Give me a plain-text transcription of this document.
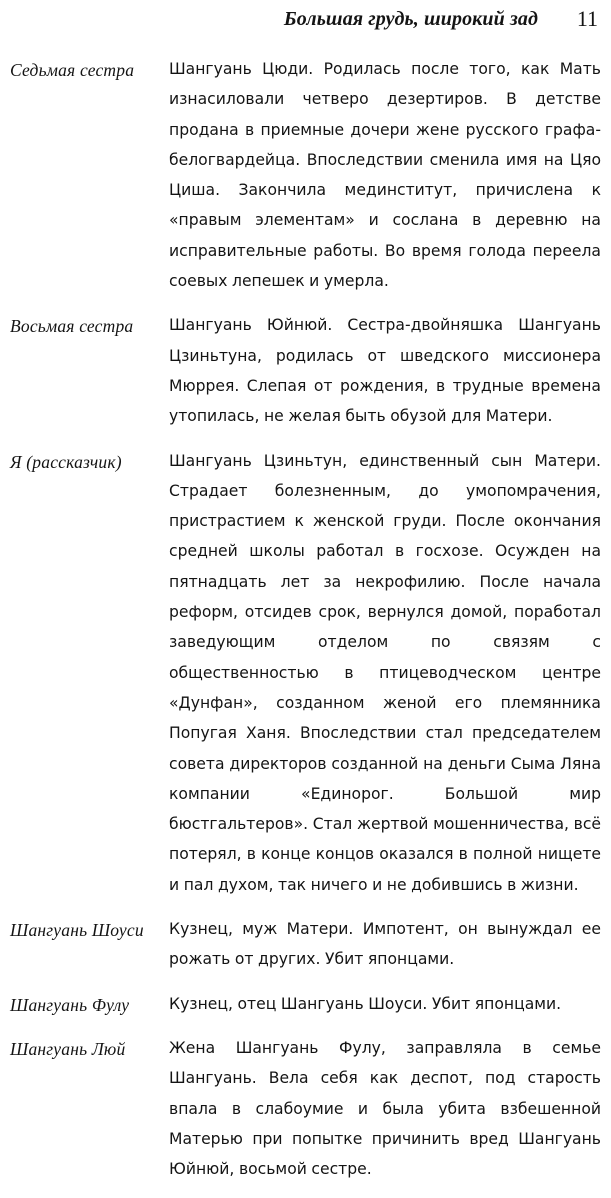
Большая грудь, широкий зад 11
Седьмая сестра	Шангуань Цюди. Родилась после того, как Мать изнасиловали четверо дезертиров. В детстве продана в приемные дочери жене русского графа-белогвардейца. Впоследствии сменила имя на Цяо Циша. Закончила мединститут, причислена к «правым элементам» и сослана в деревню на исправительные работы. Во время голода переела соевых лепешек и умерла.
Восьмая сестра	Шангуань Юйнюй. Сестра-двойняшка Шангуань Цзиньтуна, родилась от шведского миссионера Мюррея. Слепая от рождения, в трудные времена утопилась, не желая быть обузой для Матери.
Я (рассказчик)	Шангуань Цзиньтун, единственный сын Матери. Страдает болезненным, до умопомрачения, пристрастием к женской груди. После окончания средней школы работал в госхозе. Осужден на пятнадцать лет за некрофилию. После начала реформ, отсидев срок, вернулся домой, поработал заведующим отделом по связям с общественностью в птицеводческом центре «Дунфан», созданном женой его племянника Попугая Ханя. Впоследствии стал председателем совета директоров созданной на деньги Сыма Ляна компании «Единорог. Большой мир бюстгальтеров». Стал жертвой мошенничества, всё потерял, в конце концов оказался в полной нищете и пал духом, так ничего и не добившись в жизни.
Шангуань Шоуси	Кузнец, муж Матери. Импотент, он вынуждал ее рожать от других. Убит японцами.
Шангуань Фулу	Кузнец, отец Шангуань Шоуси. Убит японцами.
Шангуань Люй	Жена Шангуань Фулу, заправляла в семье Шангуань. Вела себя как деспот, под старость впала в слабоумие и была убита взбешенной Матерью при попытке причинить вред Шангуань Юйнюй, восьмой сестре.
